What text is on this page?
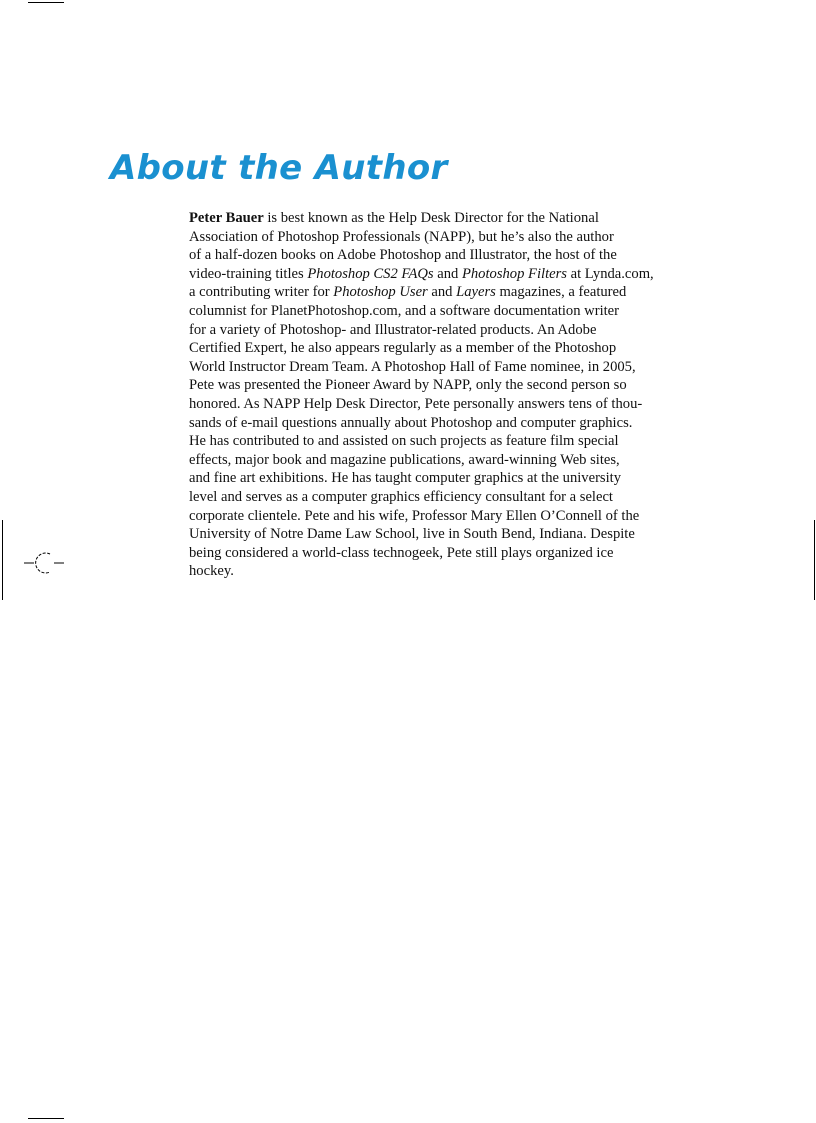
About the Author

Peter Bauer is best known as the Help Desk Director for the National
Association of Photoshop Professionals (NAPP), but he’s also the author
of a half-dozen books on Adobe Photoshop and Illustrator, the host of the
video-training titles Photoshop CS2 FAQs and Photoshop Filters at Lynda.com,
a contributing writer for Photoshop User and Layers magazines, a featured
columnist for PlanetPhotoshop.com, and a software documentation writer
for a variety of Photoshop- and Illustrator-related products. An Adobe
Certified Expert, he also appears regularly as a member of the Photoshop
World Instructor Dream Team. A Photoshop Hall of Fame nominee, in 2005,
Pete was presented the Pioneer Award by NAPP, only the second person so
honored. As NAPP Help Desk Director, Pete personally answers tens of thou-
sands of e-mail questions annually about Photoshop and computer graphics.
He has contributed to and assisted on such projects as feature film special
effects, major book and magazine publications, award-winning Web sites,
and fine art exhibitions. He has taught computer graphics at the university
level and serves as a computer graphics efficiency consultant for a select
corporate clientele. Pete and his wife, Professor Mary Ellen O’Connell of the
University of Notre Dame Law School, live in South Bend, Indiana. Despite
being considered a world-class technogeek, Pete still plays organized ice
hockey.
